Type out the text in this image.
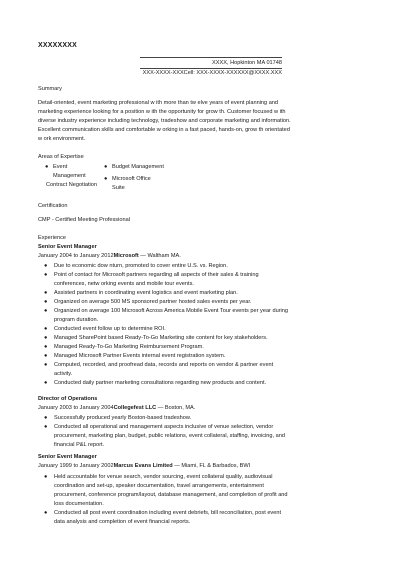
XXXXXXXX
XXXX, Hopkinton MA 01748
XXX-XXXX-XXXCell: XXX-XXXX-XXXXXX@XXXX.XXX
Summary
Detail-oriented, event marketing professional w ith more than tw elve years of event planning and
marketing experience looking for a position w ith the opportunity for grow th. Customer focused w ith
diverse industry experience including technology, tradeshow and corporate marketing and information.
Excellent communication skills and comfortable w orking in a fast paced, hands-on, grow th orientated
w ork environment.
Areas of Expertise
● Event
Management
Contract Negotiation
● Budget Management
● Microsoft Office
Suite
Certification
CMP - Certified Meeting Professional
Experience
Senior Event Manager
January 2004 to January 2012Microsoft — Waltham MA.
● Due to economic dow nturn, promoted to cover entire U.S. vs. Region.
● Point of contact for Microsoft partners regarding all aspects of their sales & training
conferences, netw orking events and mobile tour events.
● Assisted partners in coordinating event logistics and event marketing plan.
● Organized on average 500 MS sponsored partner hosted sales events per year.
● Organized on average 100 Microsoft Across America Mobile Event Tour events per year during
program duration.
● Conducted event follow up to determine ROI.
● Managed SharePoint based Ready-To-Go Marketing site content for key stakeholders.
● Managed Ready-To-Go Marketing Reimbursement Program.
● Managed Microsoft Partner Events internal event registration system.
● Computed, recorded, and proofread data, records and reports on vendor & partner event
activity.
● Conducted daily partner marketing consultations regarding new products and content.
Director of Operations
January 2003 to January 2004Collegefest LLC — Boston, MA.
● Successfully produced yearly Boston-based tradeshow.
● Conducted all operational and management aspects inclusive of venue selection, vendor
procurement, marketing plan, budget, public relations, event collateral, staffing, invoicing, and
financial P&L report.
Senior Event Manager
January 1999 to January 2002Marcus Evans Limited — Miami, FL & Barbados, BWI
● Held accountable for venue search, vendor sourcing, event collateral quality, audiovisual
coordination and set-up, speaker documentation, travel arrangements, entertainment
procurement, conference program/layout, database management, and completion of profit and
loss documentation.
● Conducted all post event coordination including event debriefs, bill reconciliation, post event
data analysis and completion of event financial reports.
